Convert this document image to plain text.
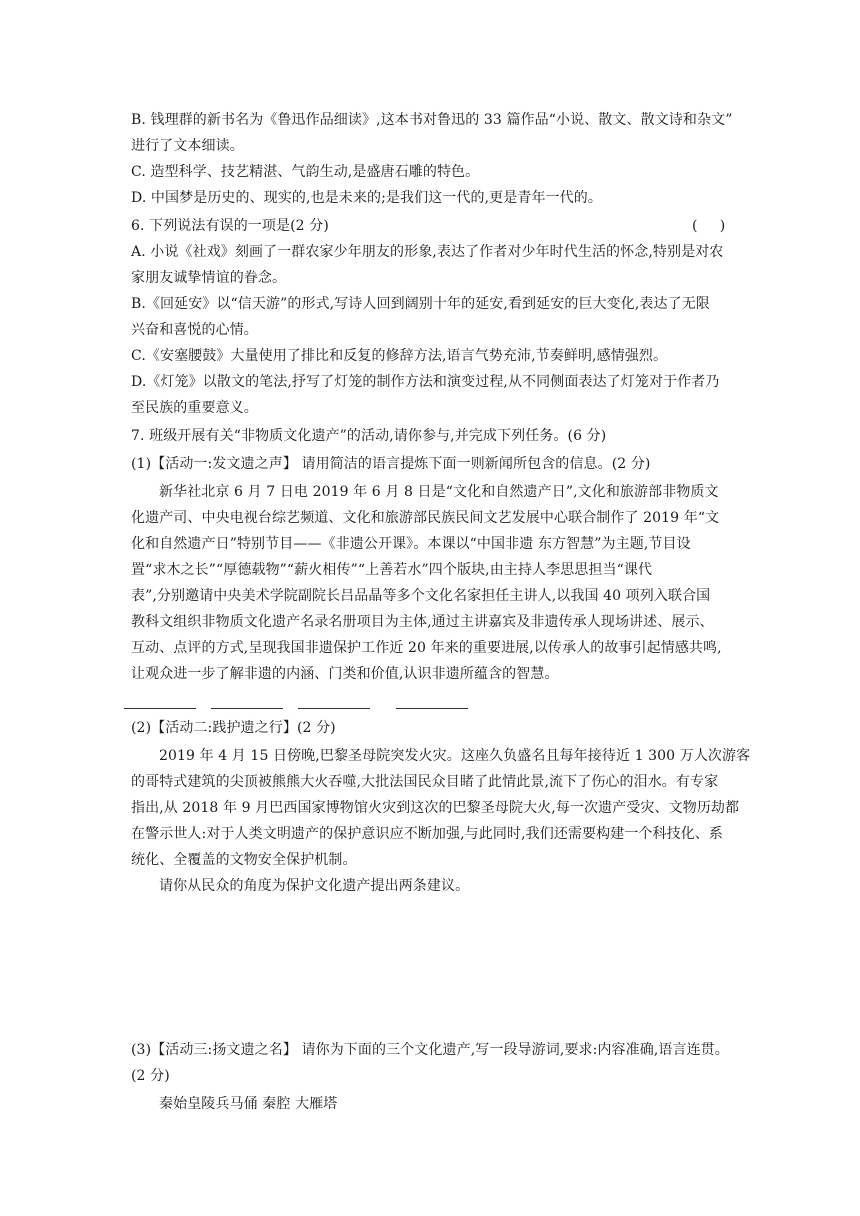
B. 钱理群的新书名为《鲁迅作品细读》,这本书对鲁迅的 33 篇作品“小说、散文、散文诗和杂文”
进行了文本细读。
C. 造型科学、技艺精湛、气韵生动,是盛唐石雕的特色。
D. 中国梦是历史的、现实的,也是未来的;是我们这一代的,更是青年一代的。
6. 下列说法有误的一项是(2 分)	(     )
A. 小说《社戏》刻画了一群农家少年朋友的形象,表达了作者对少年时代生活的怀念,特别是对农
家朋友诚挚情谊的眷念。
B.《回延安》以“信天游”的形式,写诗人回到阔别十年的延安,看到延安的巨大变化,表达了无限
兴奋和喜悦的心情。
C.《安塞腰鼓》大量使用了排比和反复的修辞方法,语言气势充沛,节奏鲜明,感情强烈。
D.《灯笼》以散文的笔法,抒写了灯笼的制作方法和演变过程,从不同侧面表达了灯笼对于作者乃
至民族的重要意义。
7. 班级开展有关“非物质文化遗产”的活动,请你参与,并完成下列任务。(6 分)
(1)【活动一:发文遗之声】 请用简洁的语言提炼下面一则新闻所包含的信息。(2 分)
新华社北京 6 月 7 日电 2019 年 6 月 8 日是“文化和自然遗产日”,文化和旅游部非物质文
化遗产司、中央电视台综艺频道、文化和旅游部民族民间文艺发展中心联合制作了 2019 年“文
化和自然遗产日”特别节目——《非遗公开课》。本课以“中国非遗 东方智慧”为主题,节目设
置“求木之长”“厚德载物”“薪火相传”“上善若水”四个版块,由主持人李思思担当“课代
表”,分别邀请中央美术学院副院长吕品晶等多个文化名家担任主讲人,以我国 40 项列入联合国
教科文组织非物质文化遗产名录名册项目为主体,通过主讲嘉宾及非遗传承人现场讲述、展示、
互动、点评的方式,呈现我国非遗保护工作近 20 年来的重要进展,以传承人的故事引起情感共鸣,
让观众进一步了解非遗的内涵、门类和价值,认识非遗所蕴含的智慧。
(2)【活动二:践护遗之行】(2 分)
2019 年 4 月 15 日傍晚,巴黎圣母院突发火灾。这座久负盛名且每年接待近 1 300 万人次游客
的哥特式建筑的尖顶被熊熊大火吞噬,大批法国民众目睹了此情此景,流下了伤心的泪水。有专家
指出,从 2018 年 9 月巴西国家博物馆火灾到这次的巴黎圣母院大火,每一次遗产受灾、文物历劫都
在警示世人:对于人类文明遗产的保护意识应不断加强,与此同时,我们还需要构建一个科技化、系
统化、全覆盖的文物安全保护机制。
请你从民众的角度为保护文化遗产提出两条建议。
(3)【活动三:扬文遗之名】 请你为下面的三个文化遗产,写一段导游词,要求:内容准确,语言连贯。
(2 分)
秦始皇陵兵马俑 秦腔 大雁塔
